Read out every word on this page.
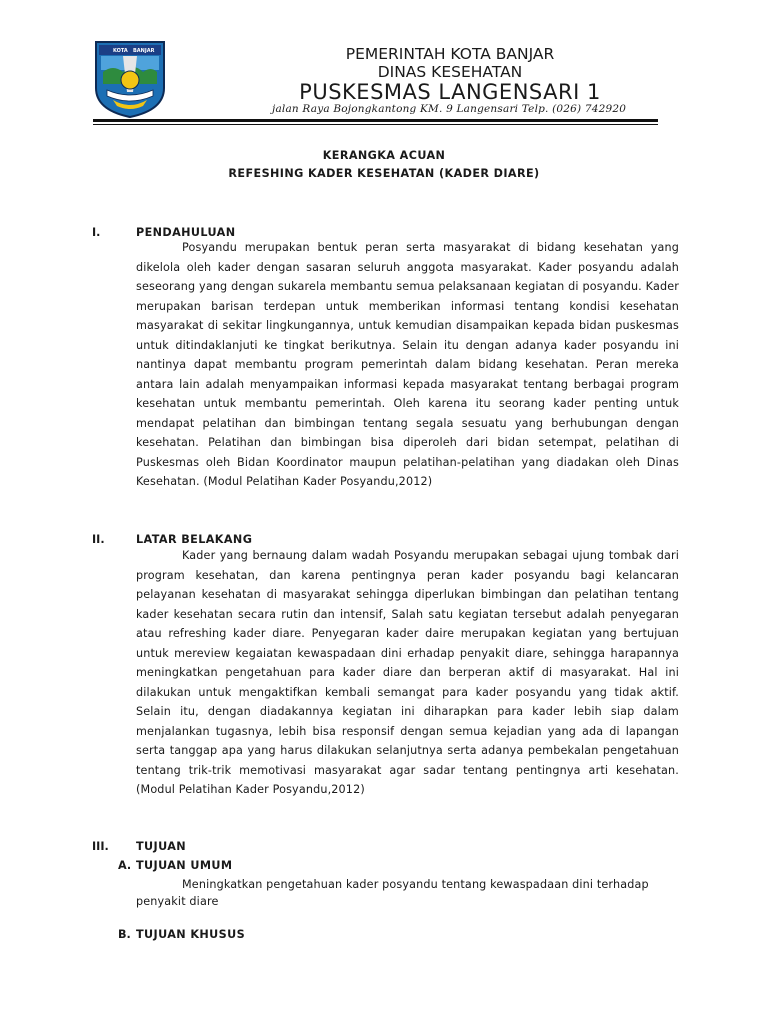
KOTA BANJAR	PEMERINTAH KOTA BANJAR

DINAS KESEHATAN

PUSKESMAS LANGENSARI 1

jalan Raya Bojongkantong KM. 9 Langensari Telp. (026) 742920
KERANGKA ACUAN
REFESHING KADER KESEHATAN (KADER DIARE)
I.	PENDAHULUAN

Posyandu merupakan bentuk peran serta masyarakat di bidang kesehatan yang dikelola oleh kader dengan sasaran seluruh anggota masyarakat. Kader posyandu adalah seseorang yang dengan sukarela membantu semua pelaksanaan kegiatan di posyandu. Kader merupakan barisan terdepan untuk memberikan informasi tentang kondisi kesehatan masyarakat di sekitar lingkungannya, untuk kemudian disampaikan kepada bidan puskesmas untuk ditindaklanjuti ke tingkat berikutnya. Selain itu dengan adanya kader posyandu ini nantinya dapat membantu program pemerintah dalam bidang kesehatan. Peran mereka antara lain adalah menyampaikan informasi kepada masyarakat tentang berbagai program kesehatan untuk membantu pemerintah. Oleh karena itu seorang kader penting untuk mendapat pelatihan dan bimbingan tentang segala sesuatu yang berhubungan dengan kesehatan. Pelatihan dan bimbingan bisa diperoleh dari bidan setempat, pelatihan di Puskesmas oleh Bidan Koordinator maupun pelatihan-pelatihan yang diadakan oleh Dinas Kesehatan. (Modul Pelatihan Kader Posyandu,2012)

II.	LATAR BELAKANG

Kader yang bernaung dalam wadah Posyandu merupakan sebagai ujung tombak dari program kesehatan, dan karena pentingnya peran kader posyandu bagi kelancaran pelayanan kesehatan di masyarakat sehingga diperlukan bimbingan dan pelatihan tentang kader kesehatan secara rutin dan intensif, Salah satu kegiatan tersebut adalah penyegaran atau refreshing kader diare. Penyegaran kader daire merupakan kegiatan yang bertujuan untuk mereview kegaiatan kewaspadaan dini erhadap penyakit diare, sehingga harapannya meningkatkan pengetahuan para kader diare dan berperan aktif di masyarakat. Hal ini dilakukan untuk mengaktifkan kembali semangat para kader posyandu yang tidak aktif. Selain itu, dengan diadakannya kegiatan ini diharapkan para kader lebih siap dalam menjalankan tugasnya, lebih bisa responsif dengan semua kejadian yang ada di lapangan serta tanggap apa yang harus dilakukan selanjutnya serta adanya pembekalan pengetahuan tentang trik-trik memotivasi masyarakat agar sadar tentang pentingnya arti kesehatan. (Modul Pelatihan Kader Posyandu,2012)

III. TUJUAN
A. TUJUAN UMUM

Meningkatkan pengetahuan kader posyandu tentang kewaspadaan dini terhadap penyakit diare

B. TUJUAN KHUSUS
